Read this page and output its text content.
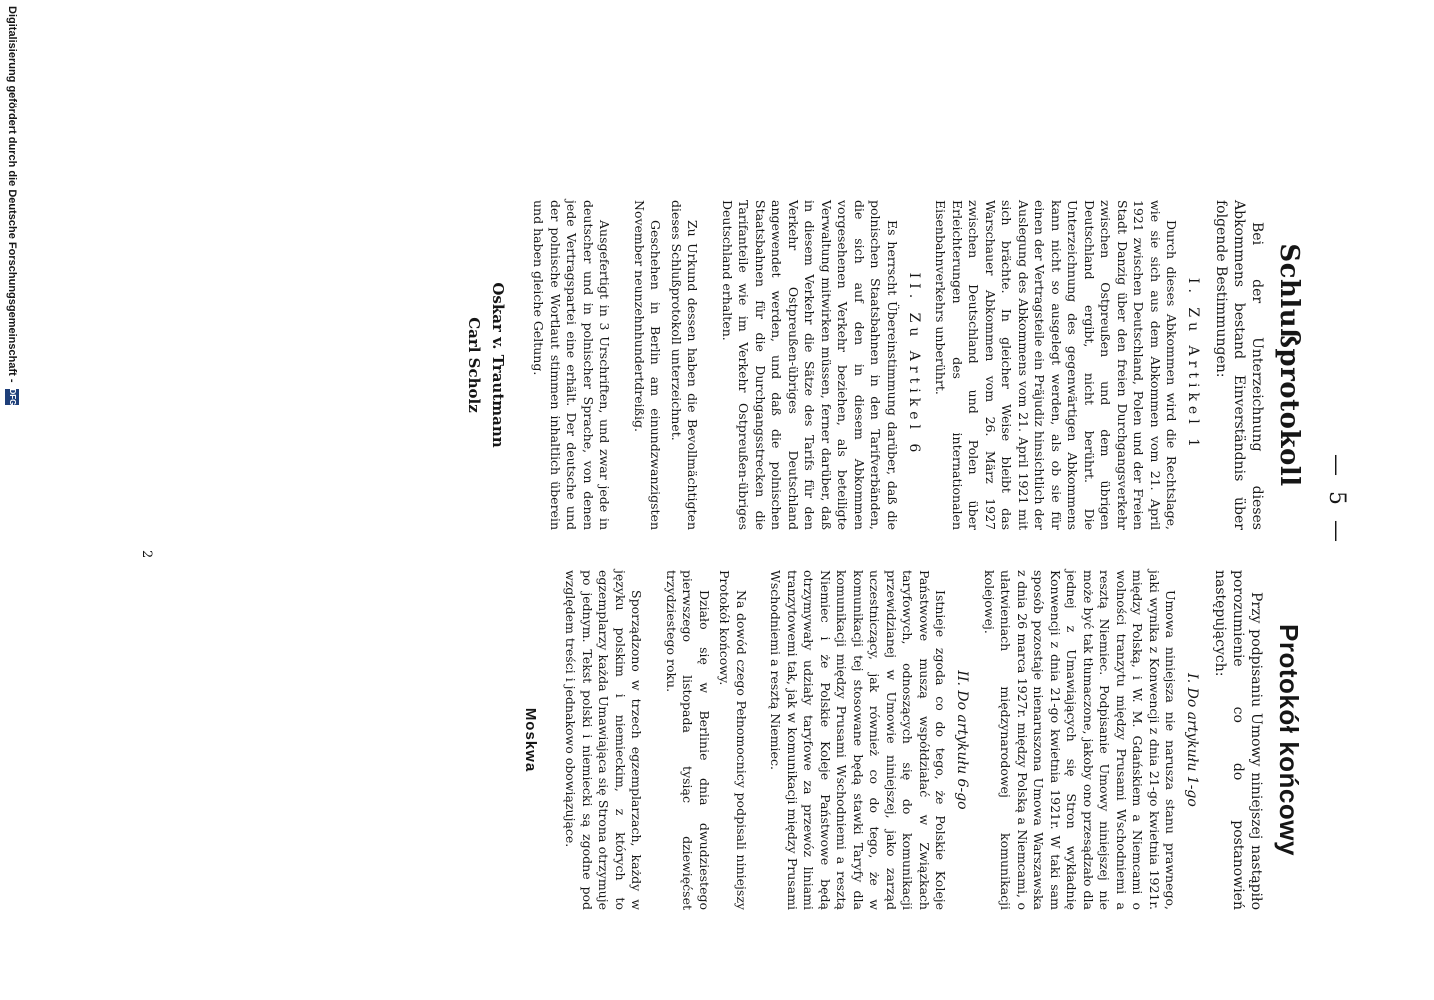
— 5 —
Schlußprotokoll

Bei der Unterzeichnung dieses Abkommens bestand Einverständnis über folgende Bestimmungen:

I. Zu Artikel 1

Durch dieses Abkommen wird die Rechtslage, wie sie sich aus dem Abkommen vom 21. April 1921 zwischen Deutschland, Polen und der Freien Stadt Danzig über den freien Durchgangsverkehr zwischen Ostpreußen und dem übrigen Deutschland ergibt, nicht berührt. Die Unterzeichnung des gegenwärtigen Abkommens kann nicht so ausgelegt werden, als ob sie für einen der Vertragsteile ein Präjudiz hinsichtlich der Auslegung des Abkommens vom 21. April 1921 mit sich brächte. In gleicher Weise bleibt das Warschauer Abkommen vom 26. März 1927 zwischen Deutschland und Polen über Erleichterungen des internationalen Eisenbahnverkehrs unberührt.

II. Zu Artikel 6

Es herrscht Übereinstimmung darüber, daß die polnischen Staatsbahnen in den Tarifverbänden, die sich auf den in diesem Abkommen vorgesehenen Verkehr beziehen, als beteiligte Verwaltung mitwirken müssen, ferner darüber, daß in diesem Verkehr die Sätze des Tarifs für den Verkehr Ostpreußen-übriges Deutschland angewendet werden, und daß die polnischen Staatsbahnen für die Durchgangsstrecken die Tarifanteile wie im Verkehr Ostpreußen-übriges Deutschland erhalten.

Zu Urkund dessen haben die Bevollmächtigten dieses Schlußprotokoll unterzeichnet.

Geschehen in Berlin am einundzwanzigsten November neunzehnhundertdreißig.

Ausgefertigt in 3 Urschriften, und zwar jede in deutscher und in polnischer Sprache, von denen jede Vertragspartei eine erhält. Der deutsche und der polnische Wortlaut stimmen inhaltlich überein und haben gleiche Geltung.

Oskar v. Trautmann
Carl Scholz
Protokół końcowy

Przy podpisaniu Umowy niniejszej nastąpiło porozumienie co do postanowień następujących:

I. Do artykułu 1-go

Umowa niniejsza nie narusza stanu prawnego, jaki wynika z Konwencji z dnia 21-go kwietnia 1921r. między Polską, i W. M. Gdańskiem a Niemcami o wolności tranzytu między Prusami Wschodniemi a resztą Niemiec. Podpisanie Umowy niniejszej nie może być tak tłumaczone, jakoby ono przesądzało dla jednej z Umawiających się Stron wykładnię Konwencji z dnia 21-go kwietnia 1921r. W taki sam sposób pozostaje nienaruszona Umowa Warszawska z dnia 26 marca 1927r. między Polską a Niemcami, o ułatwieniach międzynarodowej komunikacji kolejowej.

II. Do artykułu 6-go

Istnieje zgoda co do tego, że Polskie Koleje Państwowe muszą współdziałać w Związkach taryfowych, odnoszących się do komunikacji przewidzianej w Umowie niniejszej, jako zarząd uczestniczący, jak również co do tego, że w komunikacji tej stosowane będą stawki Taryfy dla komunikacji między Prusami Wschodniemi a resztą Niemiec i że Polskie Koleje Państwowe będą otrzymywały udziały taryfowe za przewóz liniami tranzytowemi tak, jak w komunikacji między Prusami Wschodniemi a resztą Niemiec.

Na dowód czego Pełnomocnicy podpisali niniejszy Protokół końcowy.

Działo się w Berlinie dnia dwudziestego pierwszego listopada tysiąc dziewięćset trzydziestego roku.

Sporządzono w trzech egzemplarzach, każdy w języku polskim i niemieckim, z których to egzemplarzy każda Umawiająca się Strona otrzymuje po jednym. Tekst polski i niemiecki są zgodne pod względem treści i jednakowo obowiązujące.

Moskwa
2
Digitalisierung gefördert durch die Deutsche Forschungsgemeinschaft -
DFG
